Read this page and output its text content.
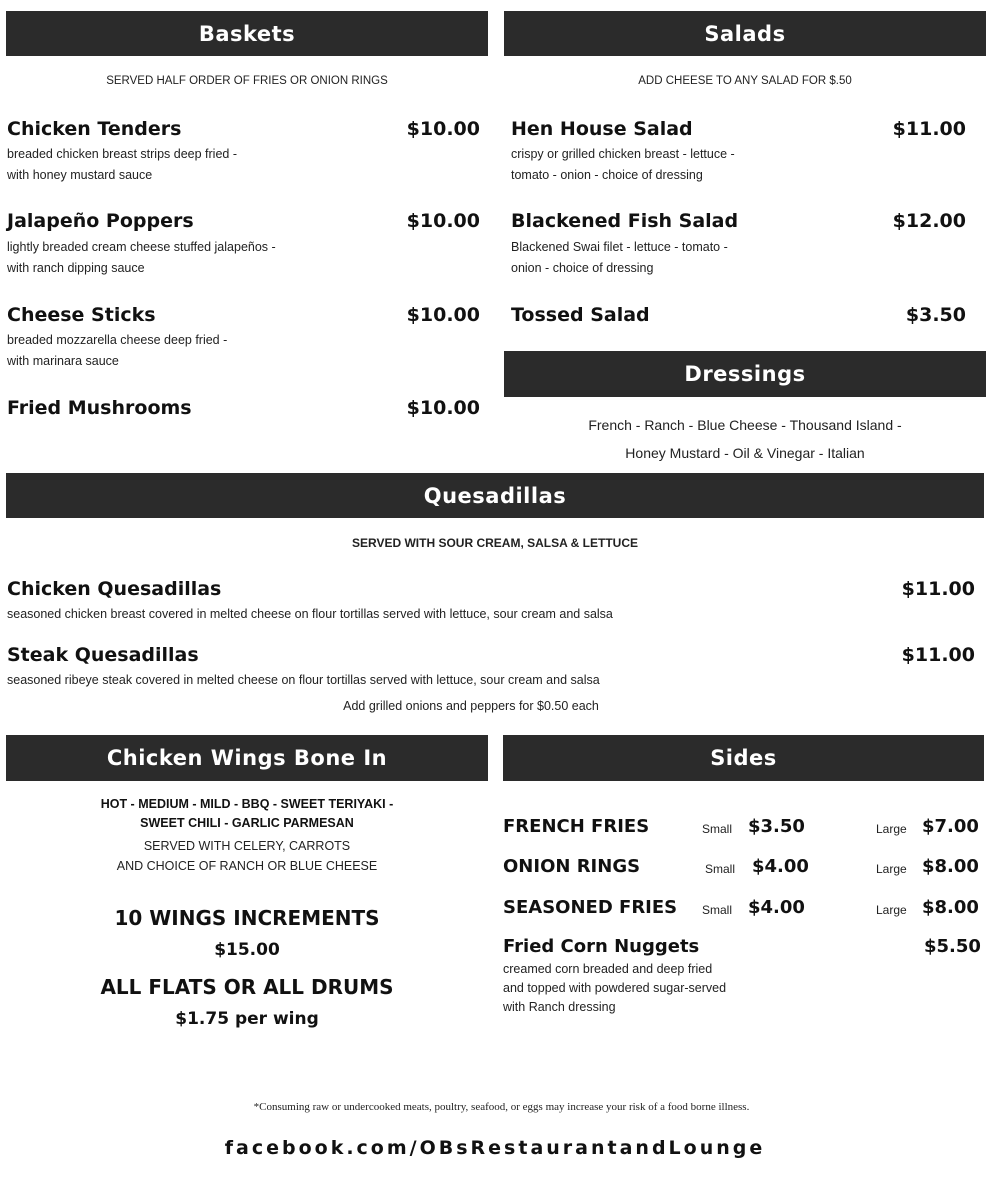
Baskets
SERVED HALF ORDER OF FRIES OR ONION RINGS
Chicken Tenders	$10.00
breaded chicken breast strips deep fried -
with honey mustard sauce
Jalapeño Poppers	$10.00
lightly breaded cream cheese stuffed jalapeños -
with ranch dipping sauce
Cheese Sticks	$10.00
breaded mozzarella cheese deep fried -
with marinara sauce
Fried Mushrooms	$10.00
Salads
ADD CHEESE TO ANY SALAD FOR $.50
Hen House Salad	$11.00
crispy or grilled chicken breast - lettuce -
tomato - onion - choice of dressing
Blackened Fish Salad	$12.00
Blackened Swai filet - lettuce - tomato -
onion - choice of dressing
Tossed Salad	$3.50
Dressings
French - Ranch - Blue Cheese - Thousand Island -
Honey Mustard - Oil & Vinegar - Italian
Quesadillas
SERVED WITH SOUR CREAM, SALSA & LETTUCE
Chicken Quesadillas	$11.00
seasoned chicken breast covered in melted cheese on flour tortillas served with lettuce, sour cream and salsa
Steak Quesadillas	$11.00
seasoned ribeye steak covered in melted cheese on flour tortillas served with lettuce, sour cream and salsa
Add grilled onions and peppers for $0.50 each
Chicken Wings Bone In
HOT - MEDIUM - MILD - BBQ - SWEET TERIYAKI -
SWEET CHILI - GARLIC PARMESAN
SERVED WITH CELERY, CARROTS
AND CHOICE OF RANCH OR BLUE CHEESE
10 WINGS INCREMENTS
$15.00
ALL FLATS OR ALL DRUMS
$1.75 per wing
Sides
FRENCH FRIES	Small $3.50	Large $7.00
ONION RINGS	Small $4.00	Large $8.00
SEASONED FRIES Small $4.00	Large $8.00
Fried Corn Nuggets	$5.50
creamed corn breaded and deep fried
and topped with powdered sugar-served
with Ranch dressing
*Consuming raw or undercooked meats, poultry, seafood, or eggs may increase your risk of a food borne illness.
facebook.com/OBsRestaurantandLounge
